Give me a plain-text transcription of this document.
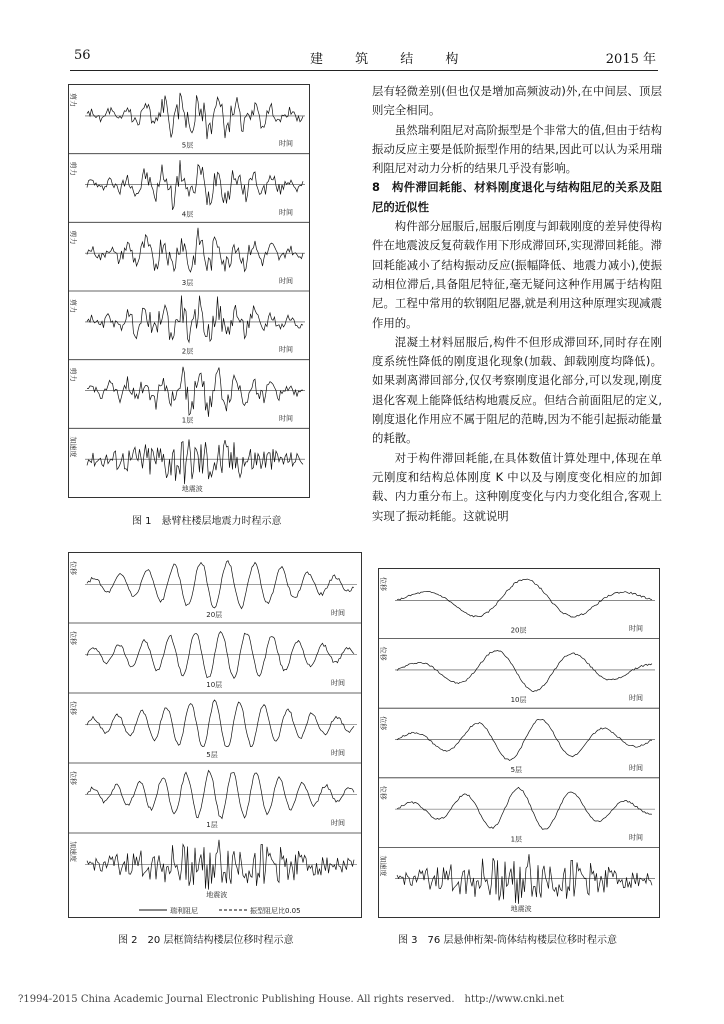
56	建 筑 结 构	2015 年
剪力
5层	时间
剪力
4层	时间
剪力
3层	时间
剪力
2层	时间
剪力
1层	时间
加速度
地震波
图 1　悬臂柱楼层地震力时程示意
位移
20层	时间
位移
10层	时间
位移
5层	时间
位移
1层	时间
加速度
地震波
瑞利阻尼	振型阻尼比0.05
图 2　20 层框筒结构楼层位移时程示意
位移
20层	时间
位移
10层	时间
位移
5层	时间
位移
1层	时间
加速度
地震波
图 3　76 层悬伸桁架-筒体结构楼层位移时程示意

层有轻微差别(但也仅是增加高频波动)外,在中间层、顶层则完全相同。

虽然瑞利阻尼对高阶振型是个非常大的值,但由于结构振动反应主要是低阶振型作用的结果,因此可以认为采用瑞利阻尼对动力分析的结果几乎没有影响。

8　构件滞回耗能、材料刚度退化与结构阻尼的关系及阻尼的近似性

构件部分屈服后,屈服后刚度与卸载刚度的差异使得构件在地震波反复荷载作用下形成滞回环,实现滞回耗能。滞回耗能减小了结构振动反应(振幅降低、地震力减小),使振动相位滞后,具备阻尼特征,毫无疑问这种作用属于结构阻尼。工程中常用的软钢阻尼器,就是利用这种原理实现减震作用的。

混凝土材料屈服后,构件不但形成滞回环,同时存在刚度系统性降低的刚度退化现象(加载、卸载刚度均降低)。如果剥离滞回部分,仅仅考察刚度退化部分,可以发现,刚度退化客观上能降低结构地震反应。但结合前面阻尼的定义,刚度退化作用应不属于阻尼的范畴,因为不能引起振动能量的耗散。

对于构件滞回耗能,在具体数值计算处理中,体现在单元刚度和结构总体刚度 K 中以及与刚度变化相应的加卸载、内力重分布上。这种刚度变化与内力变化组合,客观上实现了振动耗能。这就说明

?1994-2015 China Academic Journal Electronic Publishing House. All rights reserved.　http://www.cnki.net
